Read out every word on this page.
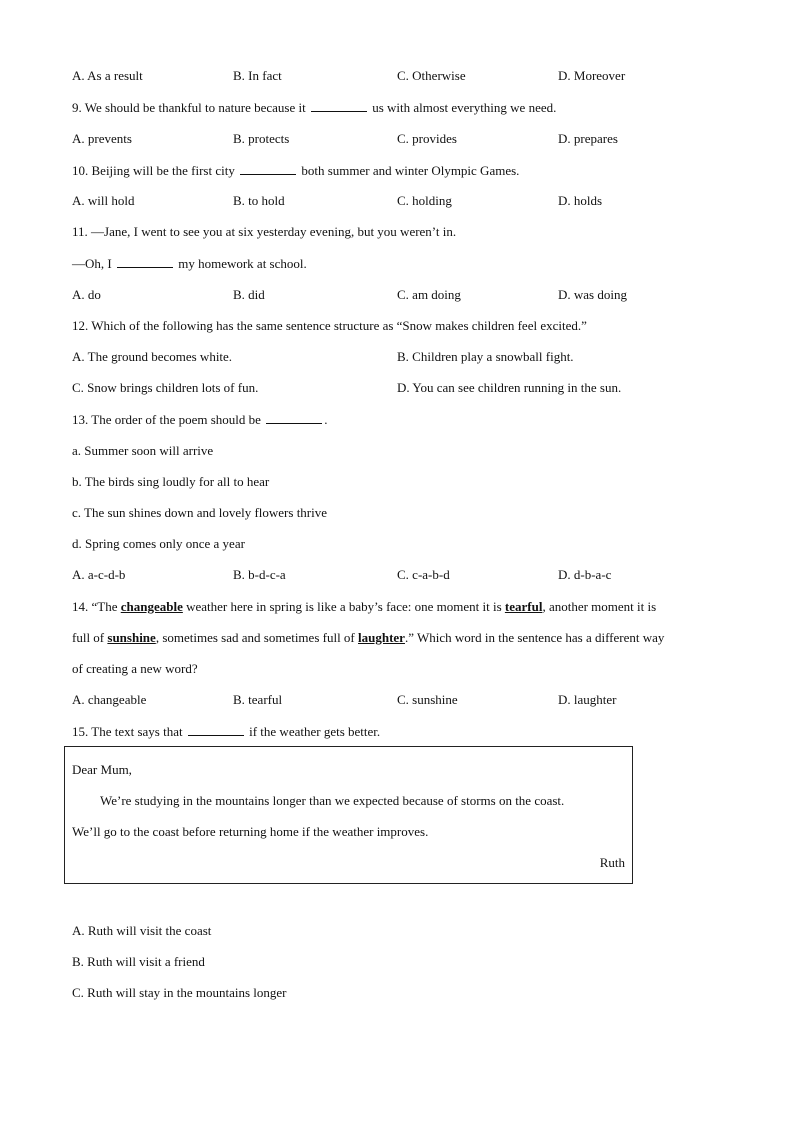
A. As a result	B. In fact	C. Otherwise	D. Moreover
9. We should be thankful to nature because it	us with almost everything we need.
A. prevents	B. protects	C. provides	D. prepares
10. Beijing will be the first city	both summer and winter Olympic Games.
A. will hold	B. to hold	C. holding	D. holds
11. —Jane, I went to see you at six yesterday evening, but you weren’t in.
—Oh, I	my homework at school.
A. do	B. did	C. am doing	D. was doing
12. Which of the following has the same sentence structure as “Snow makes children feel excited.”
A. The ground becomes white.	B. Children play a snowball fight.
C. Snow brings children lots of fun.	D. You can see children running in the sun.
13. The order of the poem should be	.
a. Summer soon will arrive
b. The birds sing loudly for all to hear
c. The sun shines down and lovely flowers thrive
d. Spring comes only once a year
A. a-c-d-b	B. b-d-c-a	C. c-a-b-d	D. d-b-a-c
14. “The changeable weather here in spring is like a baby’s face: one moment it is tearful, another moment it is
full of sunshine, sometimes sad and sometimes full of laughter.” Which word in the sentence has a different way
of creating a new word?
A. changeable	B. tearful	C. sunshine	D. laughter
15. The text says that	if the weather gets better.
Dear Mum,
We’re studying in the mountains longer than we expected because of storms on the coast.
We’ll go to the coast before returning home if the weather improves.
Ruth
A. Ruth will visit the coast
B. Ruth will visit a friend
C. Ruth will stay in the mountains longer
